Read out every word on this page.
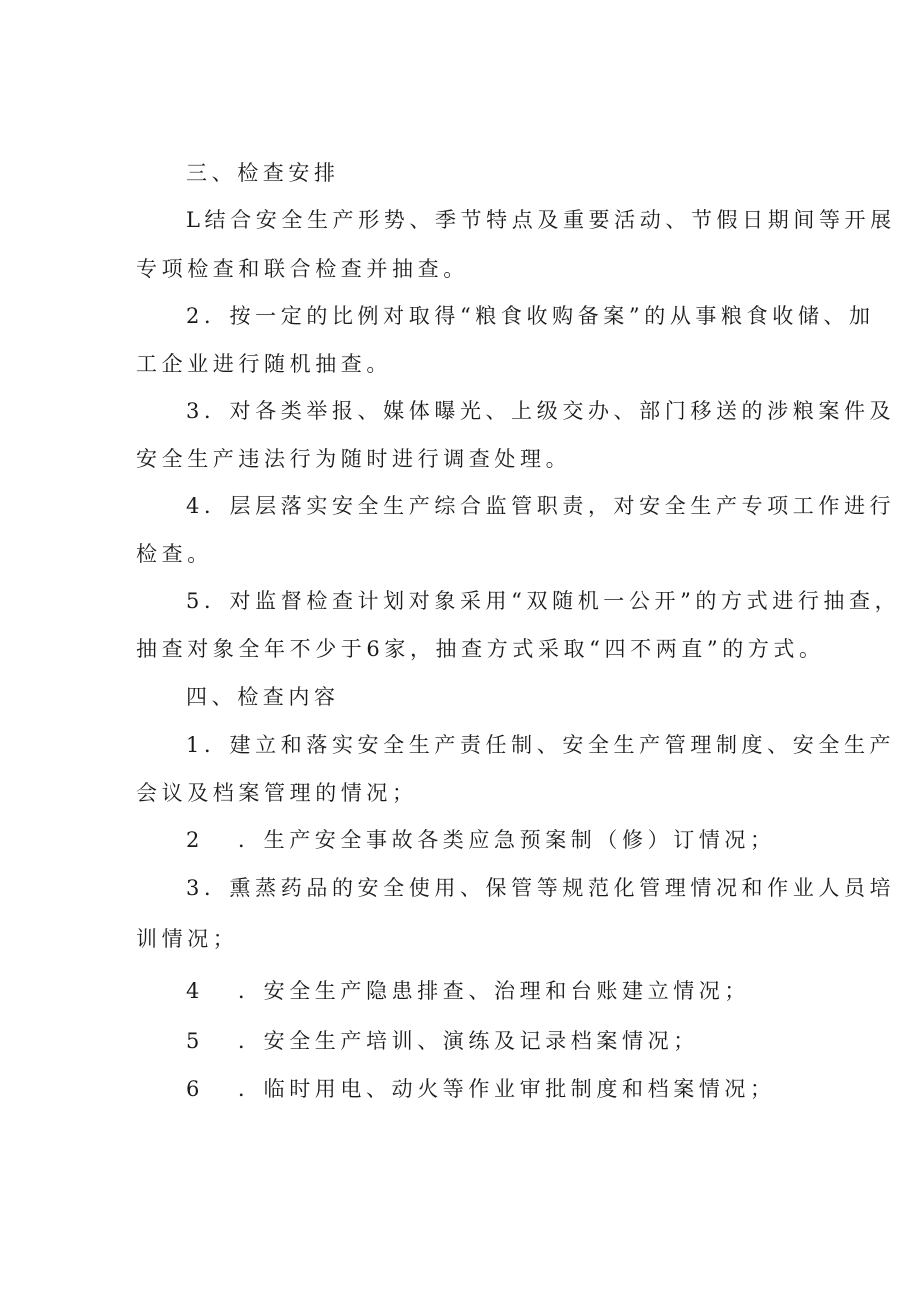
三、检查安排
L结合安全生产形势、季节特点及重要活动、节假日期间等开展
专项检查和联合检查并抽查。
2．按一定的比例对取得“粮食收购备案”的从事粮食收储、加
工企业进行随机抽查。
3．对各类举报、媒体曝光、上级交办、部门移送的涉粮案件及
安全生产违法行为随时进行调查处理。
4．层层落实安全生产综合监管职责，对安全生产专项工作进行
检查。
5．对监督检查计划对象采用“双随机一公开”的方式进行抽查，
抽查对象全年不少于6家，抽查方式采取“四不两直”的方式。
四、检查内容
1．建立和落实安全生产责任制、安全生产管理制度、安全生产
会议及档案管理的情况；
2 ．生产安全事故各类应急预案制（修）订情况；
3．熏蒸药品的安全使用、保管等规范化管理情况和作业人员培
训情况；
4 ．安全生产隐患排查、治理和台账建立情况；
5 ．安全生产培训、演练及记录档案情况；
6 ．临时用电、动火等作业审批制度和档案情况；
